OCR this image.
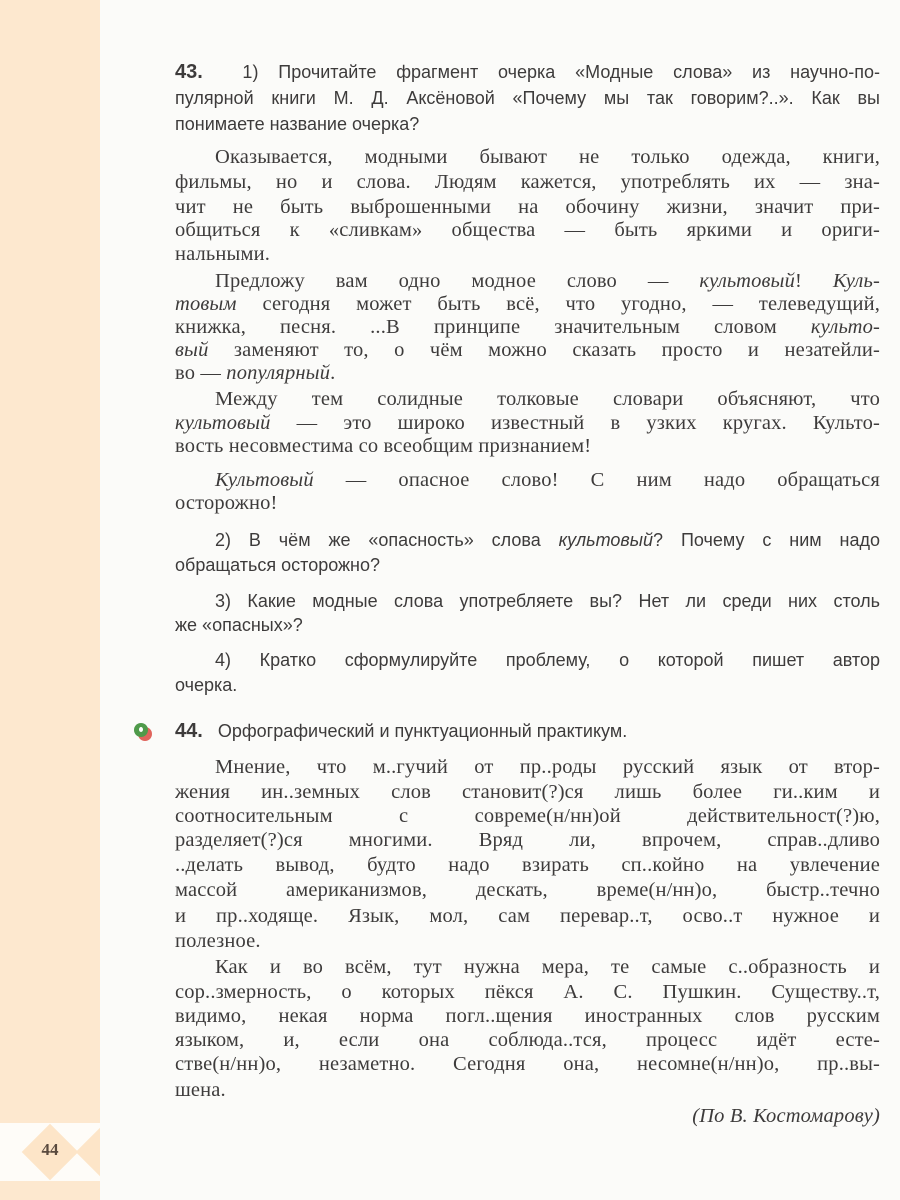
44
43.  1) Прочитайте фрагмент очерка «Модные слова» из научно-по-
пулярной книги М. Д. Аксёновой «Почему мы так говорим?..». Как вы
понимаете название очерка?
Оказывается, модными бывают не только одежда, книги,
фильмы, но и слова. Людям кажется, употреблять их — зна-
чит не быть выброшенными на обочину жизни, значит при-
общиться к «сливкам» общества — быть яркими и ориги-
нальными.
Предложу вам одно модное слово — культовый! Куль-
товым сегодня может быть всё, что угодно, — телеведущий,
книжка, песня. ...В принципе значительным словом культо-
вый заменяют то, о чём можно сказать просто и незатейли-
во — популярный.
Между тем солидные толковые словари объясняют, что
культовый — это широко известный в узких кругах. Культо-
вость несовместима со всеобщим признанием!
Культовый — опасное слово! С ним надо обращаться
осторожно!
2) В чём же «опасность» слова культовый? Почему с ним надо
обращаться осторожно?
3) Какие модные слова употребляете вы? Нет ли среди них столь
же «опасных»?
4) Кратко сформулируйте проблему, о которой пишет автор
очерка.
44.   Орфографический и пунктуационный практикум.
Мнение, что м..гучий от пр..роды русский язык от втор-
жения ин..земных слов становит(?)ся лишь более ги..ким и
соотносительным с совреме(н/нн)ой действительност(?)ю,
разделяет(?)ся многими. Вряд ли, впрочем, справ..дливо
..делать вывод, будто надо взирать сп..койно на увлечение
массой американизмов, дескать, време(н/нн)о, быстр..течно
и пр..ходяще. Язык, мол, сам перевар..т, осво..т нужное и
полезное.
Как и во всём, тут нужна мера, те самые с..образность и
сор..змерность, о которых пёкся А. С. Пушкин. Существу..т,
видимо, некая норма погл..щения иностранных слов русским
языком, и, если она соблюда..тся, процесс идёт есте-
стве(н/нн)о, незаметно. Сегодня она, несомне(н/нн)о, пр..вы-
шена.
(По В. Костомарову)
